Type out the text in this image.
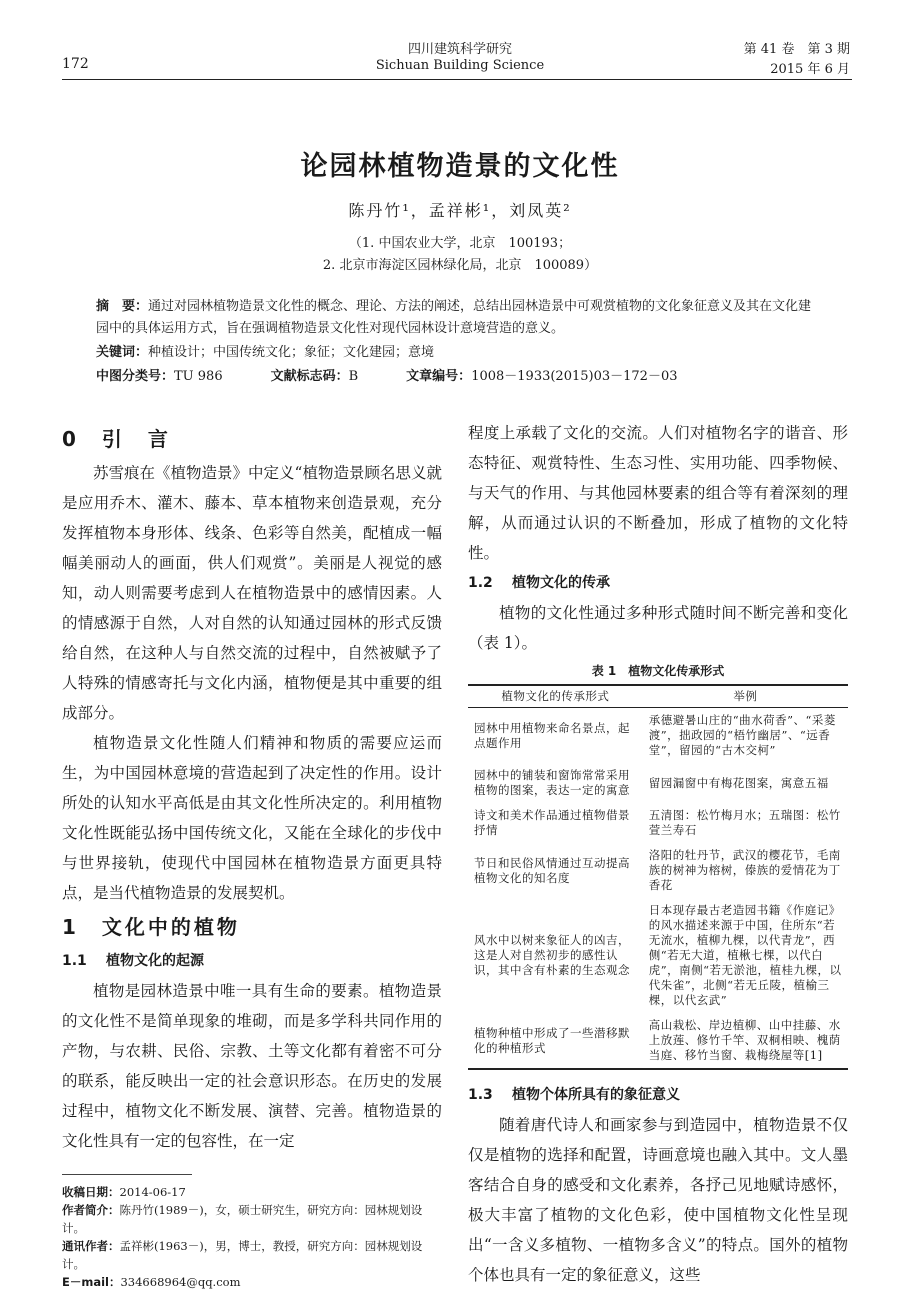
172
四川建筑科学研究
Sichuan Building Science
第 41 卷　第 3 期
2015 年 6 月
论园林植物造景的文化性
陈丹竹¹，孟祥彬¹，刘凤英²
（1. 中国农业大学，北京　100193；
2. 北京市海淀区园林绿化局，北京　100089）
摘　要：通过对园林植物造景文化性的概念、理论、方法的阐述，总结出园林造景中可观赏植物的文化象征意义及其在文化建园中的具体运用方式，旨在强调植物造景文化性对现代园林设计意境营造的意义。
关键词：种植设计；中国传统文化；象征；文化建园；意境
中图分类号：TU 986	文献标志码：B	文章编号：1008－1933(2015)03－172－03
0　引　言
苏雪痕在《植物造景》中定义“植物造景顾名思义就是应用乔木、灌木、藤本、草本植物来创造景观，充分发挥植物本身形体、线条、色彩等自然美，配植成一幅幅美丽动人的画面，供人们观赏”。美丽是人视觉的感知，动人则需要考虑到人在植物造景中的感情因素。人的情感源于自然，人对自然的认知通过园林的形式反馈给自然，在这种人与自然交流的过程中，自然被赋予了人特殊的情感寄托与文化内涵，植物便是其中重要的组成部分。
植物造景文化性随人们精神和物质的需要应运而生，为中国园林意境的营造起到了决定性的作用。设计所处的认知水平高低是由其文化性所决定的。利用植物文化性既能弘扬中国传统文化，又能在全球化的步伐中与世界接轨，使现代中国园林在植物造景方面更具特点，是当代植物造景的发展契机。
1　文化中的植物
1.1 植物文化的起源
植物是园林造景中唯一具有生命的要素。植物造景的文化性不是简单现象的堆砌，而是多学科共同作用的产物，与农耕、民俗、宗教、土等文化都有着密不可分的联系，能反映出一定的社会意识形态。在历史的发展过程中，植物文化不断发展、演替、完善。植物造景的文化性具有一定的包容性，在一定
收稿日期：2014-06-17
作者简介：陈丹竹(1989－)，女，硕士研究生，研究方向：园林规划设计。
通讯作者：孟祥彬(1963－)，男，博士，教授，研究方向：园林规划设计。
E－mail：334668964@qq.com
程度上承载了文化的交流。人们对植物名字的谐音、形态特征、观赏特性、生态习性、实用功能、四季物候、与天气的作用、与其他园林要素的组合等有着深刻的理解，从而通过认识的不断叠加，形成了植物的文化特性。
1.2 植物文化的传承
植物的文化性通过多种形式随时间不断完善和变化（表 1）。
表 1　植物文化传承形式
植物文化的传承形式	举例
园林中用植物来命名景点，起点题作用	承德避暑山庄的“曲水荷香”、“采菱渡”，拙政园的“梧竹幽居”、“远香堂”，留园的“古木交柯”
园林中的铺装和窗饰常常采用植物的图案，表达一定的寓意	留园漏窗中有梅花图案，寓意五福
诗文和美术作品通过植物借景抒情	五清图：松竹梅月水；五瑞图：松竹萱兰寿石
节日和民俗风情通过互动提高植物文化的知名度	洛阳的牡丹节，武汉的樱花节，毛南族的树神为榕树，傣族的爱情花为丁香花
风水中以树来象征人的凶吉，这是人对自然初步的感性认识，其中含有朴素的生态观念	日本现存最古老造园书籍《作庭记》的风水描述来源于中国，住所东“若无流水，植柳九棵，以代青龙”，西侧“若无大道，植楸七棵，以代白虎”，南侧“若无淤池，植桂九棵，以代朱雀”，北侧“若无丘陵，植榆三棵，以代玄武”
植物种植中形成了一些潜移默化的种植形式	高山栽松、岸边植柳、山中挂藤、水上放莲、修竹千竿、双桐相映、槐荫当庭、移竹当窗、栽梅绕屋等[1]
1.3 植物个体所具有的象征意义
随着唐代诗人和画家参与到造园中，植物造景不仅仅是植物的选择和配置，诗画意境也融入其中。文人墨客结合自身的感受和文化素养，各抒己见地赋诗感怀，极大丰富了植物的文化色彩，使中国植物文化性呈现出“一含义多植物、一植物多含义”的特点。国外的植物个体也具有一定的象征意义，这些
